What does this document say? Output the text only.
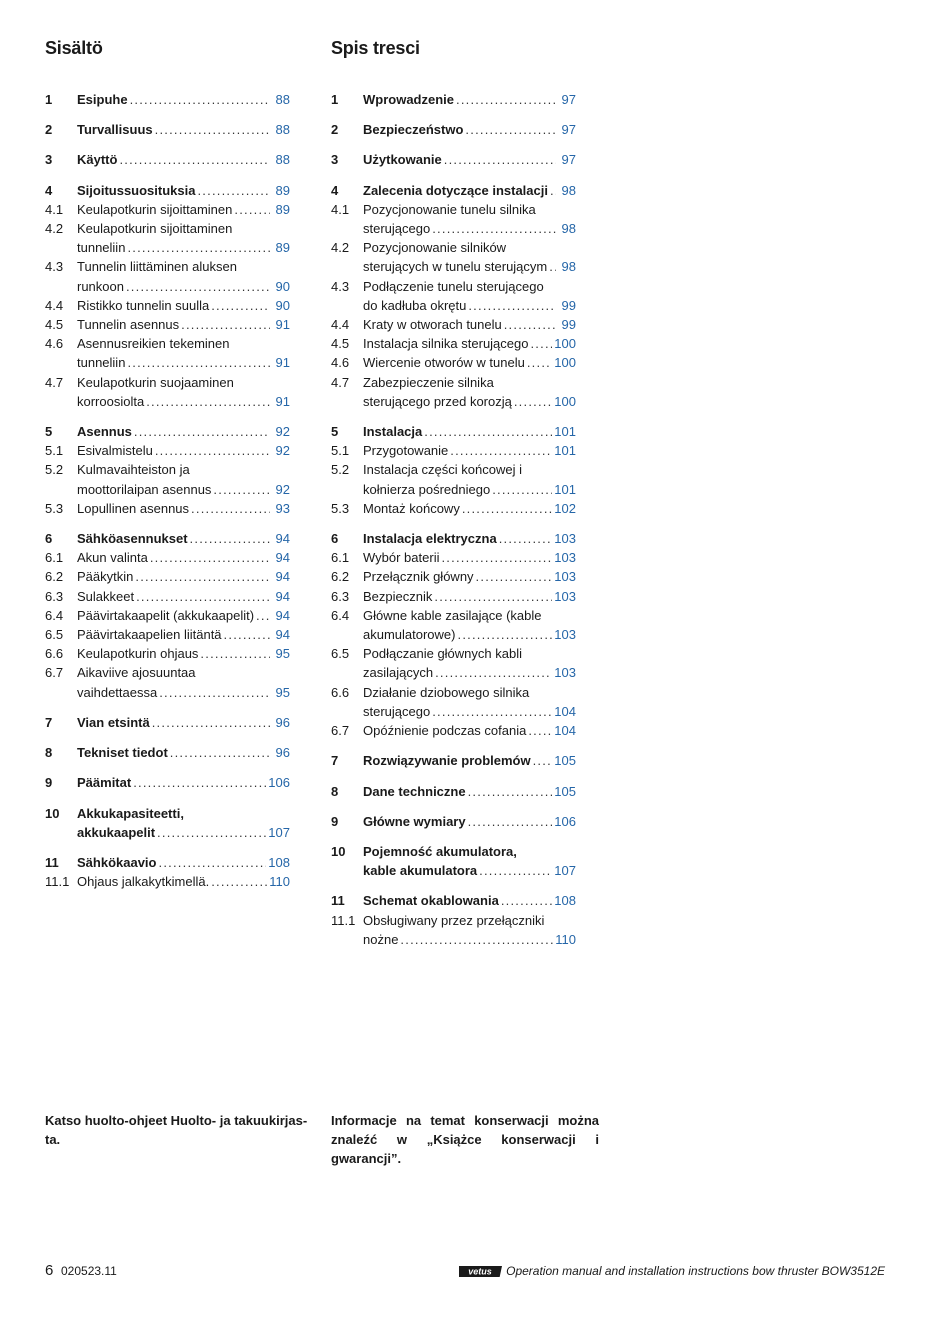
Sisältö
1	Esipuhe . . .	88
2	Turvallisuus . . .	88
3	Käyttö . . .	88
4	Sijoitussuosituksia . . .	89
4.1	Keulapotkurin sijoittaminen . . .	89
4.2	Keulapotkurin sijoittaminen
tunneliin . . .	89
4.3	Tunnelin liittäminen aluksen
runkoon . . .	90
4.4	Ristikko tunnelin suulla . . .	90
4.5	Tunnelin asennus . . .	91
4.6	Asennusreikien tekeminen
tunneliin . . .	91
4.7	Keulapotkurin suojaaminen
korroosiolta . . .	91
5	Asennus . . .	92
5.1	Esivalmistelu . . .	92
5.2	Kulmavaihteiston ja
moottorilaipan asennus . . .	92
5.3	Lopullinen asennus . . .	93
6	Sähköasennukset . . .	94
6.1	Akun valinta . . .	94
6.2	Pääkytkin . . .	94
6.3	Sulakkeet . . .	94
6.4	Päävirtakaapelit (akkukaapelit) . . . 94
6.5	Päävirtakaapelien liitäntä . . .	94
6.6	Keulapotkurin ohjaus . . .	95
6.7	Aikaviive ajosuuntaa
vaihdettaessa . . .	95
7	Vian etsintä . . .	96
8	Tekniset tiedot . . .	96
9	Päämitat . . .	106
10	Akkukapasiteetti,
akkukaapelit . . .	107
11	Sähkökaavio . . .	108
11.1 Ohjaus jalkakytkimellä. . . .	110
Spis tresci
1	Wprowadzenie . . .	97
2	Bezpieczeństwo . . .	97
3	Użytkowanie . . .	97
4	Zalecenia dotyczące instalacji . . . 98
4.1	Pozycjonowanie tunelu silnika
sterującego . . .	98
4.2	Pozycjonowanie silników
sterujących w tunelu sterującym . . . 98
4.3	Podłączenie tunelu sterującego
do kadłuba okrętu . . .	99
4.4	Kraty w otworach tunelu . . .	99
4.5	Instalacja silnika sterującego . . . 100
4.6	Wiercenie otworów w tunelu . . . 100
4.7	Zabezpieczenie silnika
sterującego przed korozją . . .	100
5	Instalacja . . .	101
5.1	Przygotowanie . . .	101
5.2	Instalacja części końcowej i
kołnierza pośredniego . . .	101
5.3	Montaż końcowy . . .	102
6	Instalacja elektryczna . . .	103
6.1	Wybór baterii . . .	103
6.2	Przełącznik główny . . .	103
6.3	Bezpiecznik . . .	103
6.4	Główne kable zasilające (kable
akumulatorowe) . . .	103
6.5	Podłączanie głównych kabli
zasilających . . .	103
6.6	Działanie dziobowego silnika
sterującego . . .	104
6.7	Opóźnienie podczas cofania . . . 104
7	Rozwiązywanie problemów . . . 105
8	Dane techniczne . . .	105
9	Główne wymiary . . .	106
10	Pojemność akumulatora,
kable akumulatora . . .	107
11	Schemat okablowania . . .	108
11.1 Obsługiwany przez przełączniki
nożne . . .	110
Katso huolto-ohjeet Huolto- ja takuukirjas-ta.
Informacje na temat konserwacji można znaleźć w „Książce konserwacji i gwarancji”.
6 020523.11	vetus Operation manual and installation instructions bow thruster BOW3512E
